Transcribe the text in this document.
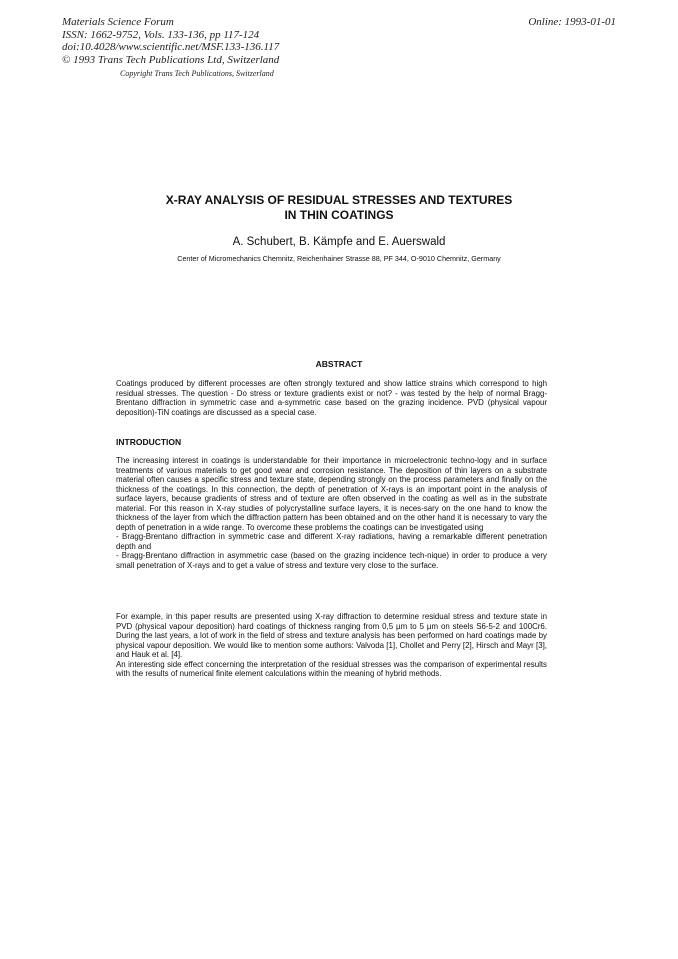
Materials Science Forum
ISSN: 1662-9752, Vols. 133-136, pp 117-124
doi:10.4028/www.scientific.net/MSF.133-136.117
© 1993 Trans Tech Publications Ltd, Switzerland
Online: 1993-01-01
Copyright Trans Tech Publications, Switzerland
X-RAY ANALYSIS OF RESIDUAL STRESSES AND TEXTURES
IN THIN COATINGS
A. Schubert, B. Kämpfe and E. Auerswald
Center of Micromechanics Chemnitz, Reichenhainer Strasse 88, PF 344, O-9010 Chemnitz, Germany
ABSTRACT
Coatings produced by different processes are often strongly textured and show lattice strains which correspond to high residual stresses. The question - Do stress or texture gradients exist or not? - was tested by the help of normal Bragg-Brentano diffraction in symmetric case and a-symmetric case based on the grazing incidence. PVD (physical vapour deposition)-TiN coatings are discussed as a special case.
INTRODUCTION
The increasing interest in coatings is understandable for their importance in microelectronic techno-logy and in surface treatments of various materials to get good wear and corrosion resistance. The deposition of thin layers on a substrate material often causes a specific stress and texture state, depending strongly on the process parameters and finally on the thickness of the coatings. In this connection, the depth of penetration of X-rays is an important point in the analysis of surface layers, because gradients of stress and of texture are often observed in the coating as well as in the substrate material. For this reason in X-ray studies of polycrystalline surface layers, it is neces-sary on the one hand to know the thickness of the layer from which the diffraction pattern has been obtained and on the other hand it is necessary to vary the depth of penetration in a wide range. To overcome these problems the coatings can be investigated using
- Bragg-Brentano diffraction in symmetric case and different X-ray radiations, having a remarkable different penetration depth and
- Bragg-Brentano diffraction in asymmetric case (based on the grazing incidence tech-nique) in order to produce a very small penetration of X-rays and to get a value of stress and texture very close to the surface.
For example, in this paper results are presented using X-ray diffraction to determine residual stress and texture state in PVD (physical vapour deposition) hard coatings of thickness ranging from 0,5 µm to 5 µm on steels S6-5-2 and 100Cr6. During the last years, a lot of work in the field of stress and texture analysis has been performed on hard coatings made by physical vapour deposition. We would like to mention some authors: Valvoda [1], Chollet and Perry [2], Hirsch and Mayr [3], and Hauk et al. [4].
An interesting side effect concerning the interpretation of the residual stresses was the comparison of experimental results with the results of numerical finite element calculations within the meaning of hybrid methods.
